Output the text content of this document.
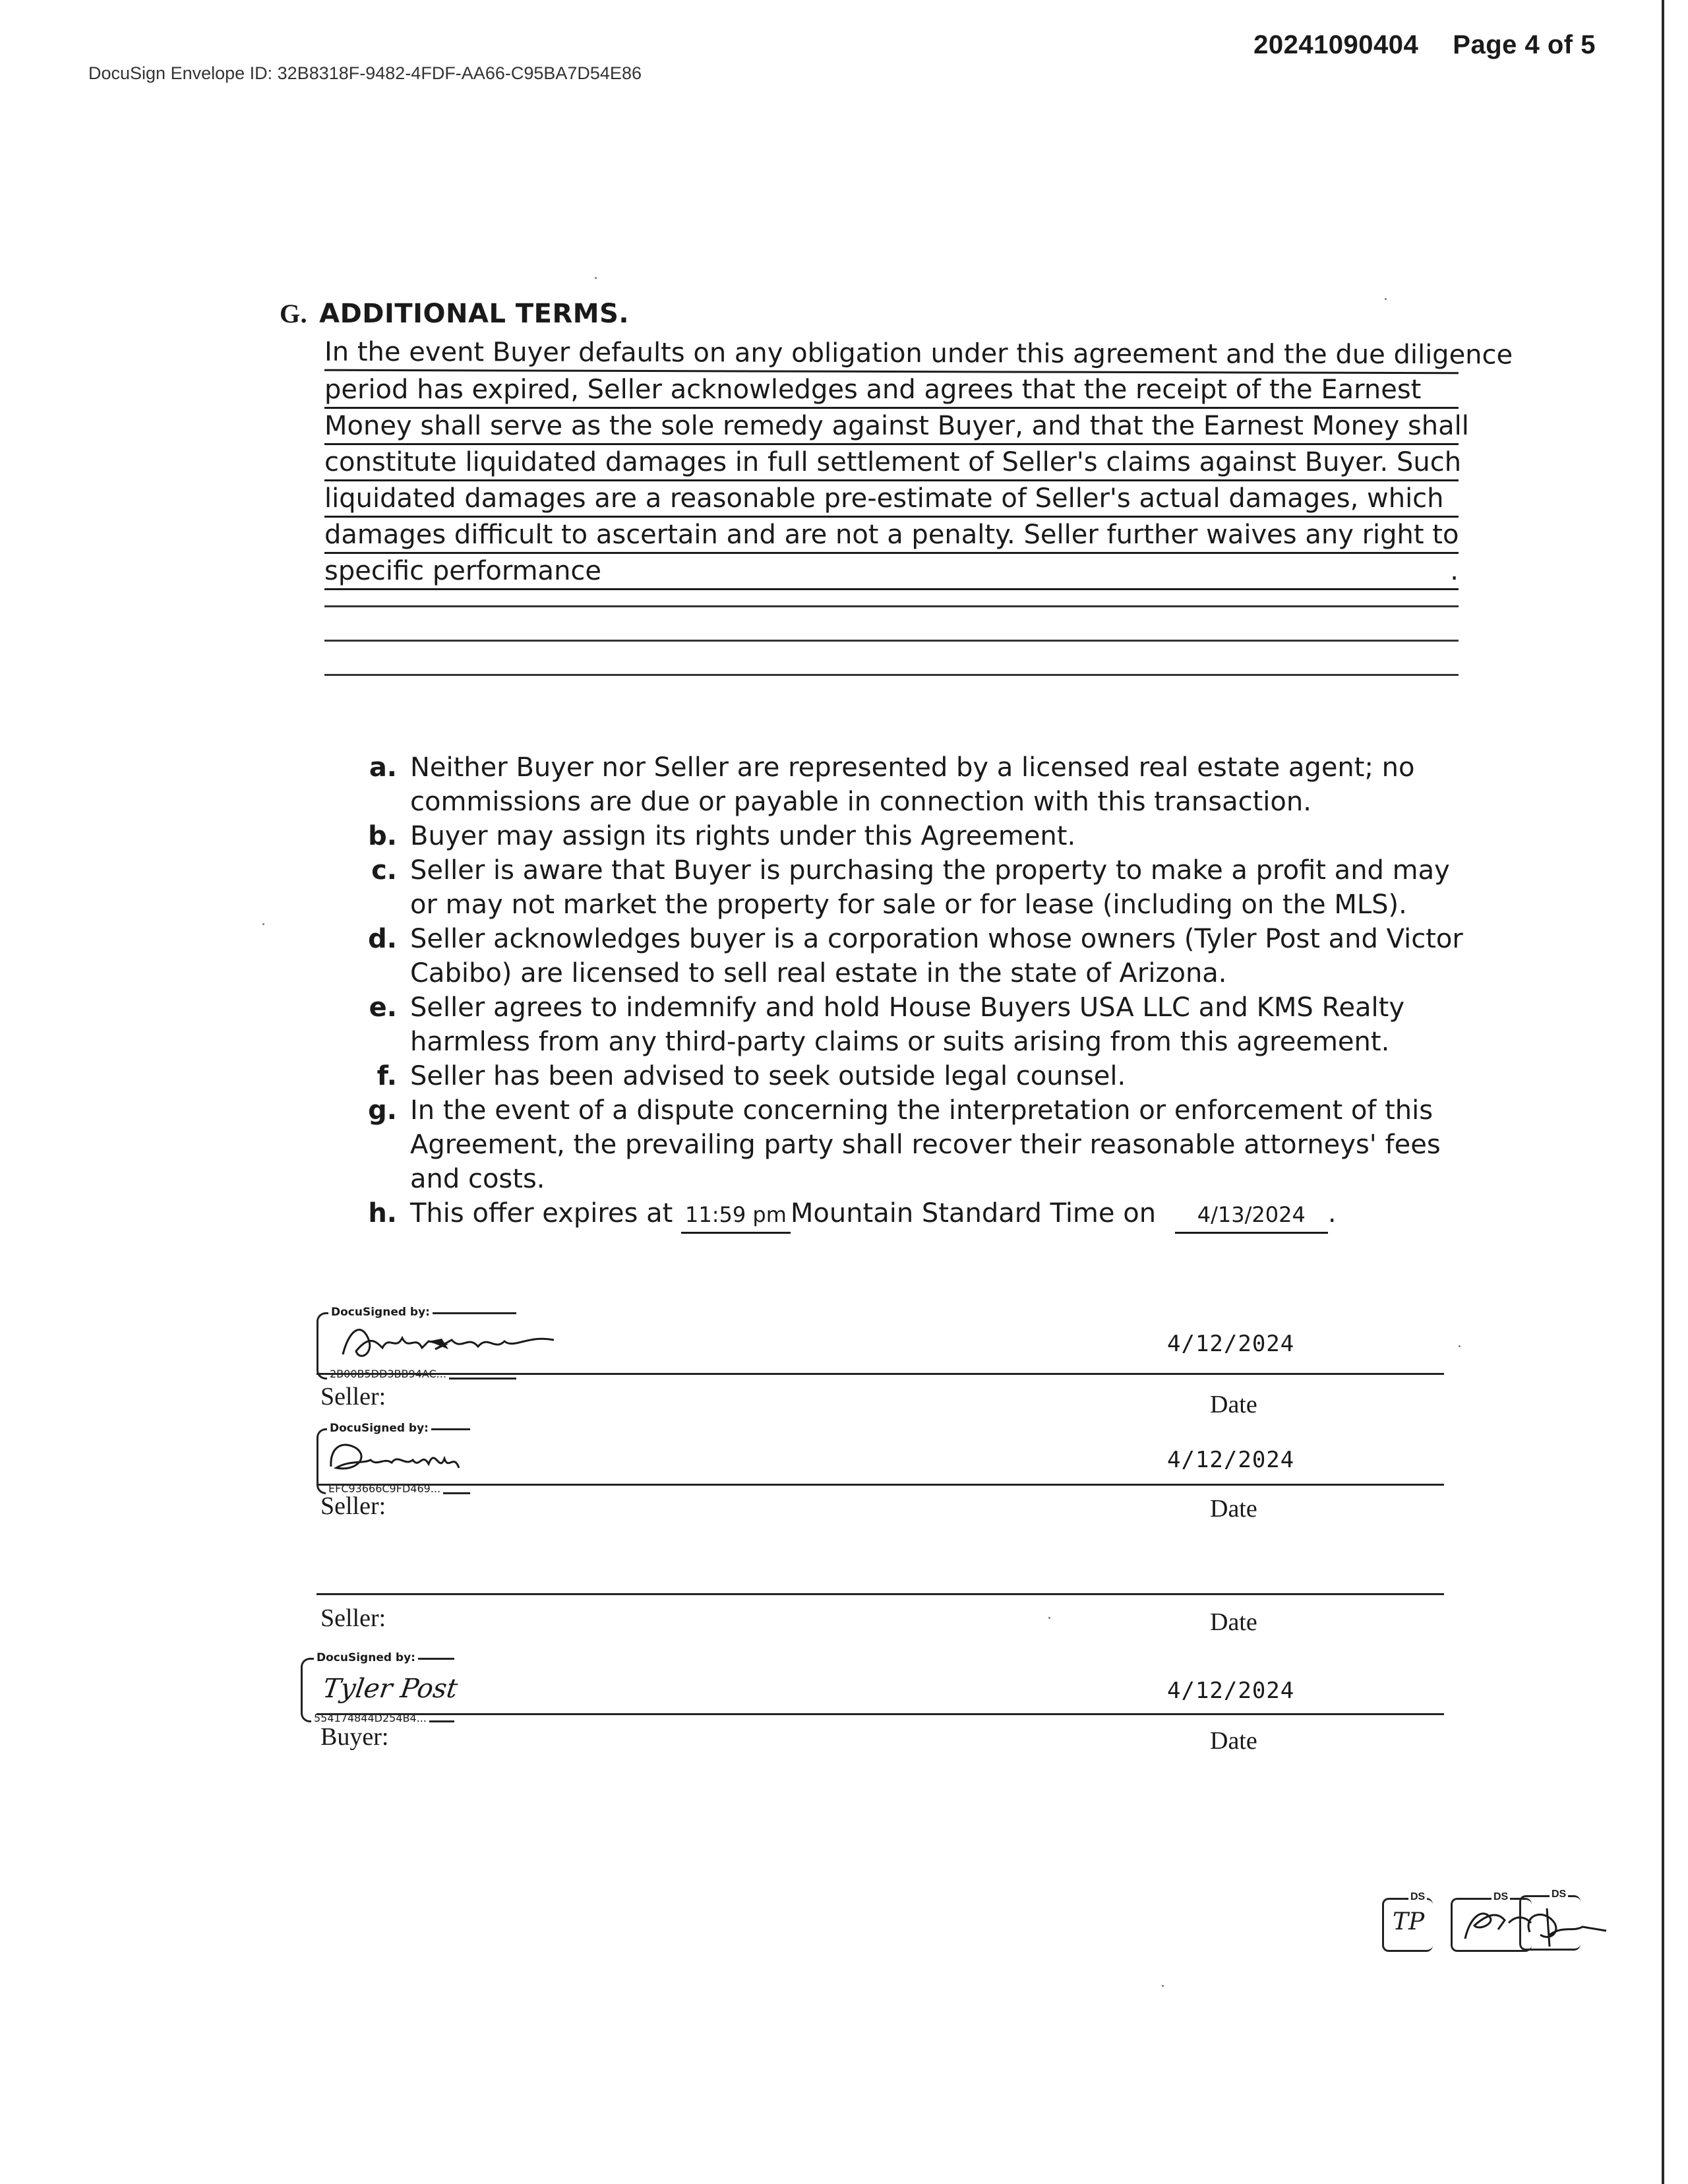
20241090404 Page 4 of 5
DocuSign Envelope ID: 32B8318F-9482-4FDF-AA66-C95BA7D54E86
G. ADDITIONAL TERMS.
In the event Buyer defaults on any obligation under this agreement and the due diligence
period has expired, Seller acknowledges and agrees that the receipt of the Earnest
Money shall serve as the sole remedy against Buyer, and that the Earnest Money shall
constitute liquidated damages in full settlement of Seller's claims against Buyer. Such
liquidated damages are a reasonable pre-estimate of Seller's actual damages, which
damages difficult to ascertain and are not a penalty. Seller further waives any right to
specific performance	.
a. Neither Buyer nor Seller are represented by a licensed real estate agent; no commissions are due or payable in connection with this transaction.
b. Buyer may assign its rights under this Agreement.
c. Seller is aware that Buyer is purchasing the property to make a profit and may or may not market the property for sale or for lease (including on the MLS).
d. Seller acknowledges buyer is a corporation whose owners (Tyler Post and Victor Cabibo) are licensed to sell real estate in the state of Arizona.
e. Seller agrees to indemnify and hold House Buyers USA LLC and KMS Realty harmless from any third-party claims or suits arising from this agreement.
f. Seller has been advised to seek outside legal counsel.
g. In the event of a dispute concerning the interpretation or enforcement of this Agreement, the prevailing party shall recover their reasonable attorneys' fees and costs.
h. This offer expires at 11:59 pm Mountain Standard Time on 4/13/2024 .
DocuSigned by:
2B00B5DD3BB94AC...
4/12/2024
Seller:	Date
DocuSigned by:
EFC93666C9FD469...
4/12/2024
Seller:	Date
Seller:	Date
DocuSigned by:
Tyler Post
554174844D254B4...
4/12/2024
Buyer:	Date
DS
TP
DS	DS
